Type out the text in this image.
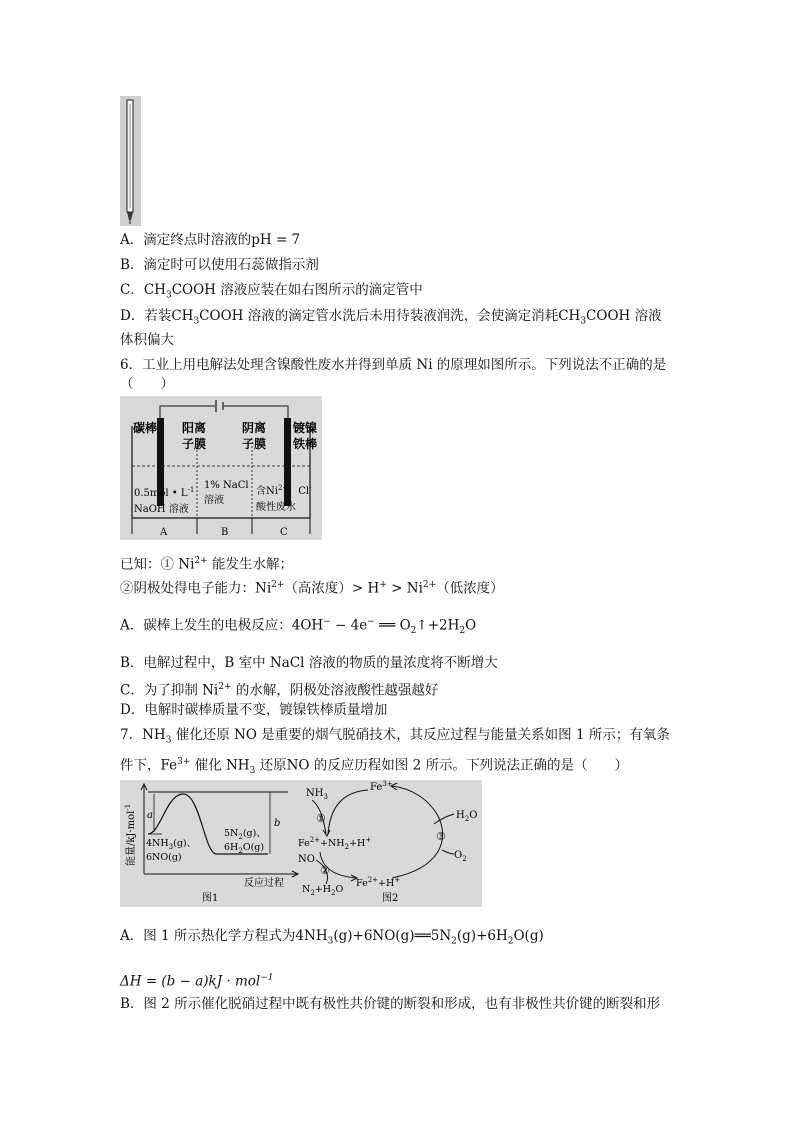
A．滴定终点时溶液的pH = 7
B．滴定时可以使用石蕊做指示剂
C．$CH_3COOH$ 溶液应装在如右图所示的滴定管中
D．若装$CH_3COOH$ 溶液的滴定管水洗后未用待装液润洗，会使滴定消耗$CH_3COOH$ 溶液
体积偏大
6．工业上用电解法处理含镍酸性废水并得到单质 Ni 的原理如图所示。下列说法不正确的是
（　　）
碳棒 阳离
子膜
阴离
子膜
镀镍
铁棒
0.5mol • $L^{-1}$
NaOH 溶液
1% NaCl
溶液
含$Ni^{2+}$、Cl-
酸性废水
A	B	C
已知：① $Ni^{2+}$ 能发生水解；
②阴极处得电子能力：$Ni^{2+}$（高浓度）> $H^+ > Ni^{2+}$（低浓度）
A．碳棒上发生的电极反应：4OH− − 4e− ══ $O_2↑+2H_2O$
B．电解过程中，B 室中 NaCl 溶液的物质的量浓度将不断增大
C．为了抑制 $Ni^{2+}$ 的水解，阴极处溶液酸性越强越好
D．电解时碳棒质量不变，镀镍铁棒质量增加
7．$NH_3$ 催化还原 NO 是重要的烟气脱硝技术，其反应过程与能量关系如图 1 所示；有氧条
件下，$Fe^{3+}$ 催化 $NH_3$ 还原NO 的反应历程如图 2 所示。下列说法正确的是（　　）
能量/kJ·mol$^{-1}$
a
b
$4NH_3(g)$、
6NO(g)
$5N_2(g)$、
$6H_2O(g)$
反应过程
图1
$NH_3$
$Fe^{3+}$
$H_2O$
$O_2$
①
②
③
$Fe^{2+}+NH_2+H^+$
NO
$N_2+H_2O$
$Fe^{2+}+H^+$
图2
A．图 1 所示热化学方程式为$4NH_3(g)+6NO(g)══5N_2(g)+6H_2O(g)$
ΔH = (b − a)kJ · mol$^{-1}$
B．图 2 所示催化脱硝过程中既有极性共价键的断裂和形成，也有非极性共价键的断裂和形
